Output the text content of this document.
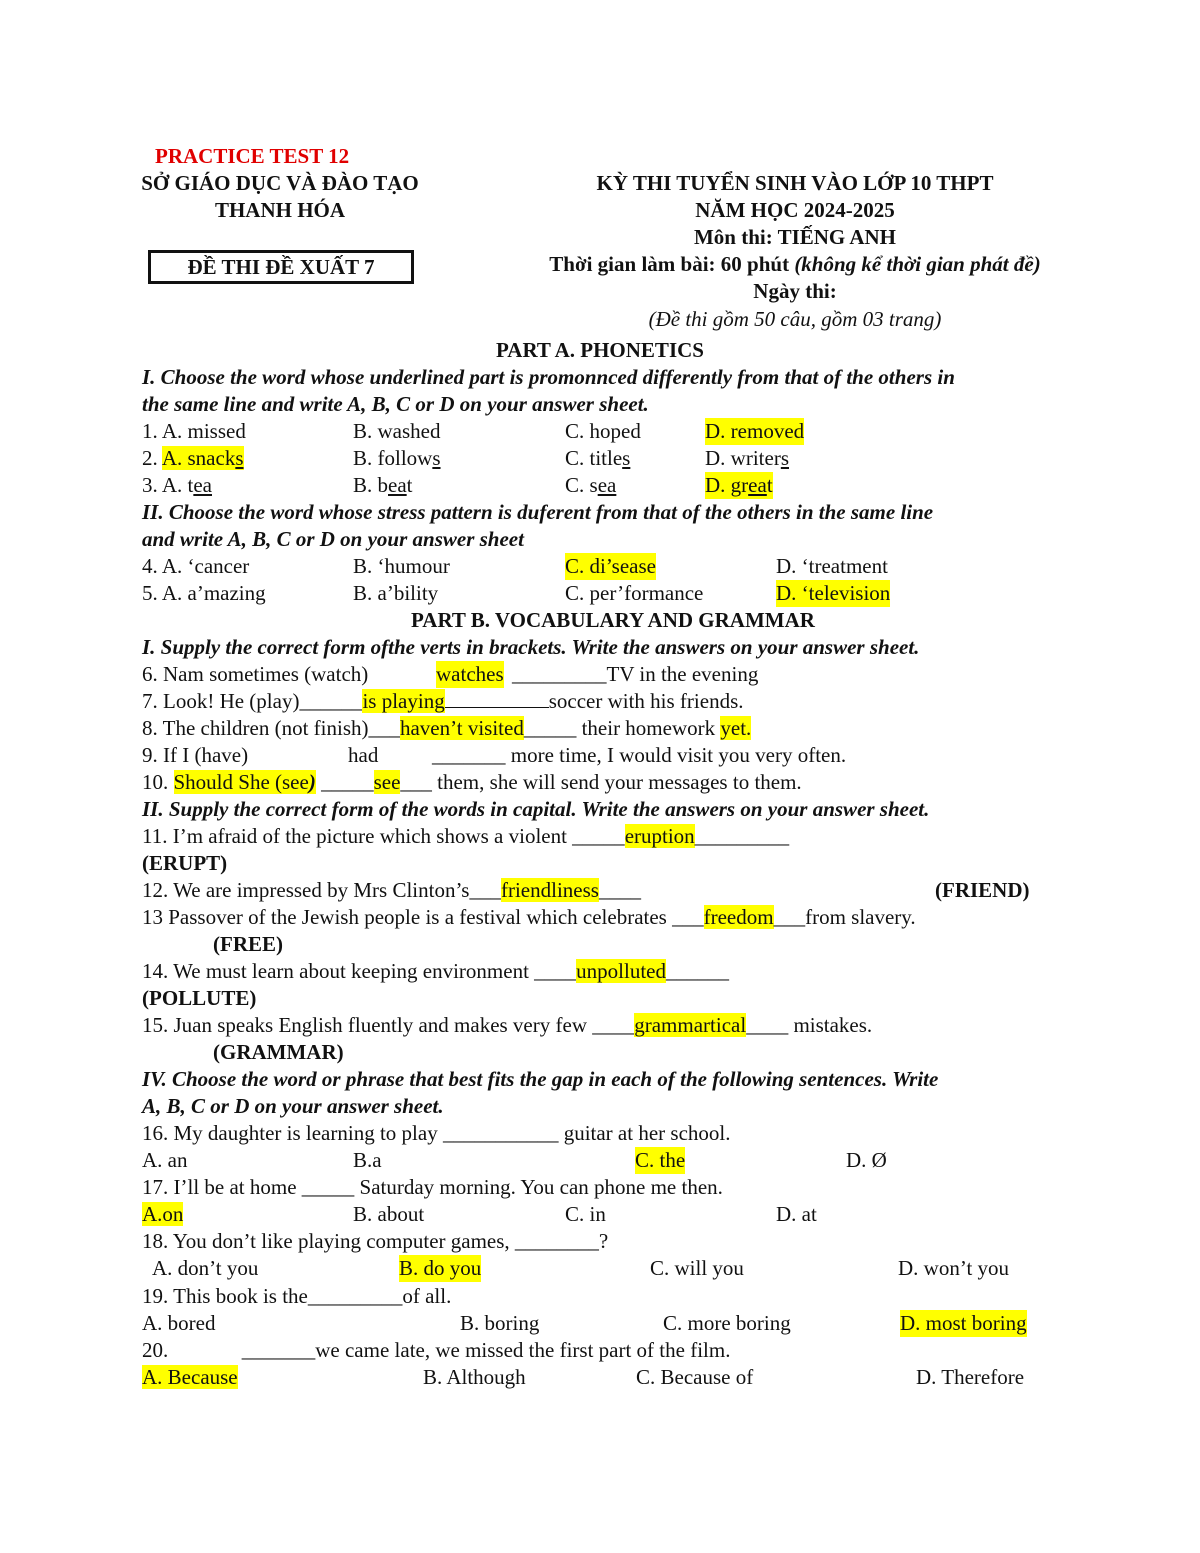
PRACTICE TEST 12
SỞ GIÁO DỤC VÀ ĐÀO TẠO
THANH HÓA
ĐỀ THI ĐỀ XUẤT 7
KỲ THI TUYỂN SINH VÀO LỚP 10 THPT
NĂM HỌC 2024-2025
Môn thi: TIẾNG ANH
Thời gian làm bài: 60 phút (không kể thời gian phát đề)
Ngày thi:
(Đề thi gồm 50 câu, gồm 03 trang)
PART A. PHONETICS
I. Choose the word whose underlined part is promonnced differently from that of the others in
the same line and write A, B, C or D on your answer sheet.
1. A. missed	B. washed	C. hoped	D. removed
2. A. snacks	B. follows	C. titles	D. writers
3. A. tea	B. beat	C. sea	D. great
II. Choose the word whose stress pattern is duferent from that of the others in the same line
and write A, B, C or D on your answer sheet
4. A. ‘cancer	B. ‘humour	C. di’sease	D. ‘treatment
5. A. a’mazing	B. a’bility	C. per’formance	D. ‘television
PART B. VOCABULARY AND GRAMMAR
I. Supply the correct form ofthe verts in brackets. Write the answers on your answer sheet.
6. Nam sometimes (watch)	watches _________TV in the evening
7. Look! He (play)______is playing	soccer with his friends.
8. The children (not finish)___haven’t visited_____ their homework yet.
9. If I (have)	had	_______ more time, I would visit you very often.
10. Should She (see) _____see___ them, she will send your messages to them.
II. Supply the correct form of the words in capital. Write the answers on your answer sheet.
11. I’m afraid of the picture which shows a violent _____eruption_________
(ERUPT)
12. We are impressed by Mrs Clinton’s___friendliness____	(FRIEND)
13 Passover of the Jewish people is a festival which celebrates ___freedom___from slavery.
(FREE)
14. We must learn about keeping environment ____unpolluted______
(POLLUTE)
15. Juan speaks English fluently and makes very few ____grammartical____ mistakes.
(GRAMMAR)
IV. Choose the word or phrase that best fits the gap in each of the following sentences. Write
A, B, C or D on your answer sheet.
16. My daughter is learning to play ___________ guitar at her school.
A. an	B.a	C. the	D. Ø
17. I’ll be at home _____ Saturday morning. You can phone me then.
A.on	B. about	C. in	D. at
18. You don’t like playing computer games, ________?
A. don’t you	B. do you	C. will you	D. won’t you
19. This book is the_________of all.
A. bored	B. boring	C. more boring	D. most boring
20.              _______we came late, we missed the first part of the film.
A. Because	B. Although	C. Because of	D. Therefore
